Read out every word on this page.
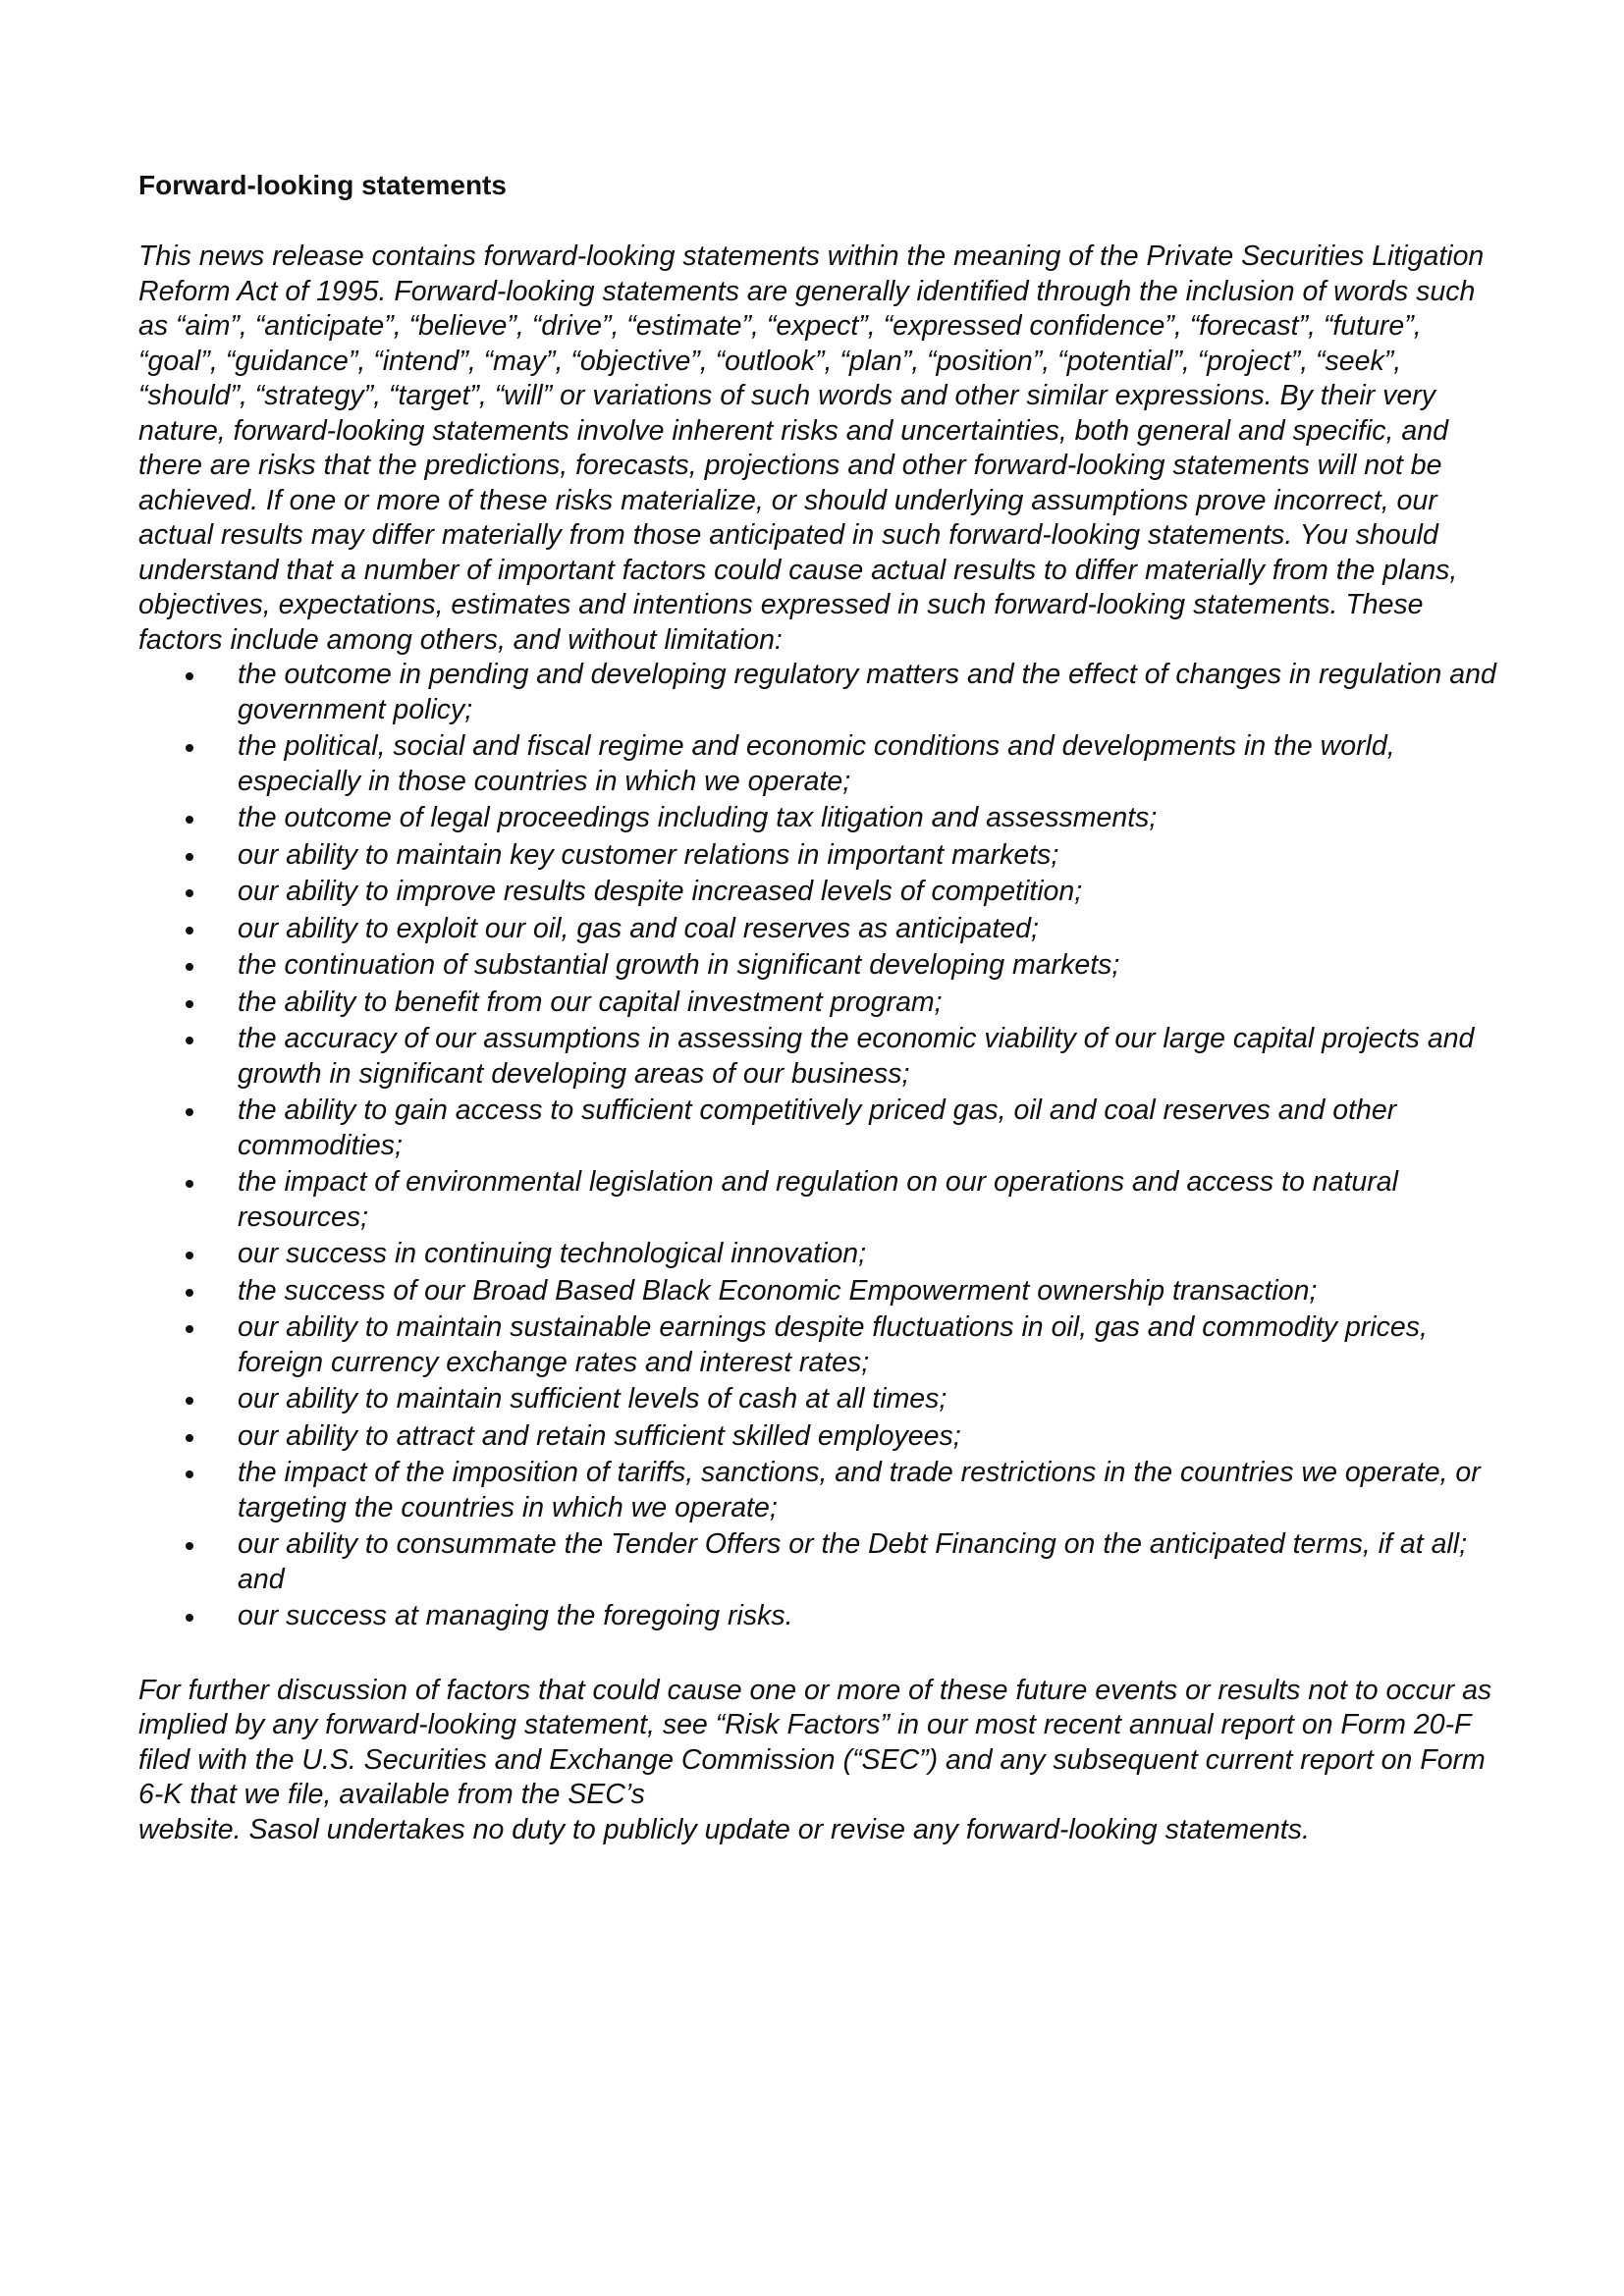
Forward-looking statements

This news release contains forward-looking statements within the meaning of the Private Securities Litigation Reform Act of 1995. Forward-looking statements are generally identified through the inclusion of words such as “aim”, “anticipate”, “believe”, “drive”, “estimate”, “expect”, “expressed confidence”, “forecast”, “future”, “goal”, “guidance”, “intend”, “may”, “objective”, “outlook”, “plan”, “position”, “potential”, “project”, “seek”, “should”, “strategy”, “target”, “will” or variations of such words and other similar expressions. By their very nature, forward-looking statements involve inherent risks and uncertainties, both general and specific, and there are risks that the predictions, forecasts, projections and other forward-looking statements will not be achieved. If one or more of these risks materialize, or should underlying assumptions prove incorrect, our actual results may differ materially from those anticipated in such forward-looking statements. You should understand that a number of important factors could cause actual results to differ materially from the plans, objectives, expectations, estimates and intentions expressed in such forward-looking statements. These factors include among others, and without limitation:

the outcome in pending and developing regulatory matters and the effect of changes in regulation and government policy;
the political, social and fiscal regime and economic conditions and developments in the world, especially in those countries in which we operate;
the outcome of legal proceedings including tax litigation and assessments;
our ability to maintain key customer relations in important markets;
our ability to improve results despite increased levels of competition;
our ability to exploit our oil, gas and coal reserves as anticipated;
the continuation of substantial growth in significant developing markets;
the ability to benefit from our capital investment program;
the accuracy of our assumptions in assessing the economic viability of our large capital projects and growth in significant developing areas of our business;
the ability to gain access to sufficient competitively priced gas, oil and coal reserves and other commodities;
the impact of environmental legislation and regulation on our operations and access to natural resources;
our success in continuing technological innovation;
the success of our Broad Based Black Economic Empowerment ownership transaction;
our ability to maintain sustainable earnings despite fluctuations in oil, gas and commodity prices, foreign currency exchange rates and interest rates;
our ability to maintain sufficient levels of cash at all times;
our ability to attract and retain sufficient skilled employees;
the impact of the imposition of tariffs, sanctions, and trade restrictions in the countries we operate, or targeting the countries in which we operate;
our ability to consummate the Tender Offers or the Debt Financing on the anticipated terms, if at all; and
our success at managing the foregoing risks.

For further discussion of factors that could cause one or more of these future events or results not to occur as implied by any forward-looking statement, see “Risk Factors” in our most recent annual report on Form 20-F filed with the U.S. Securities and Exchange Commission (“SEC”) and any subsequent current report on Form 6-K that we file, available from the SEC’s
website. Sasol undertakes no duty to publicly update or revise any forward-looking statements.
